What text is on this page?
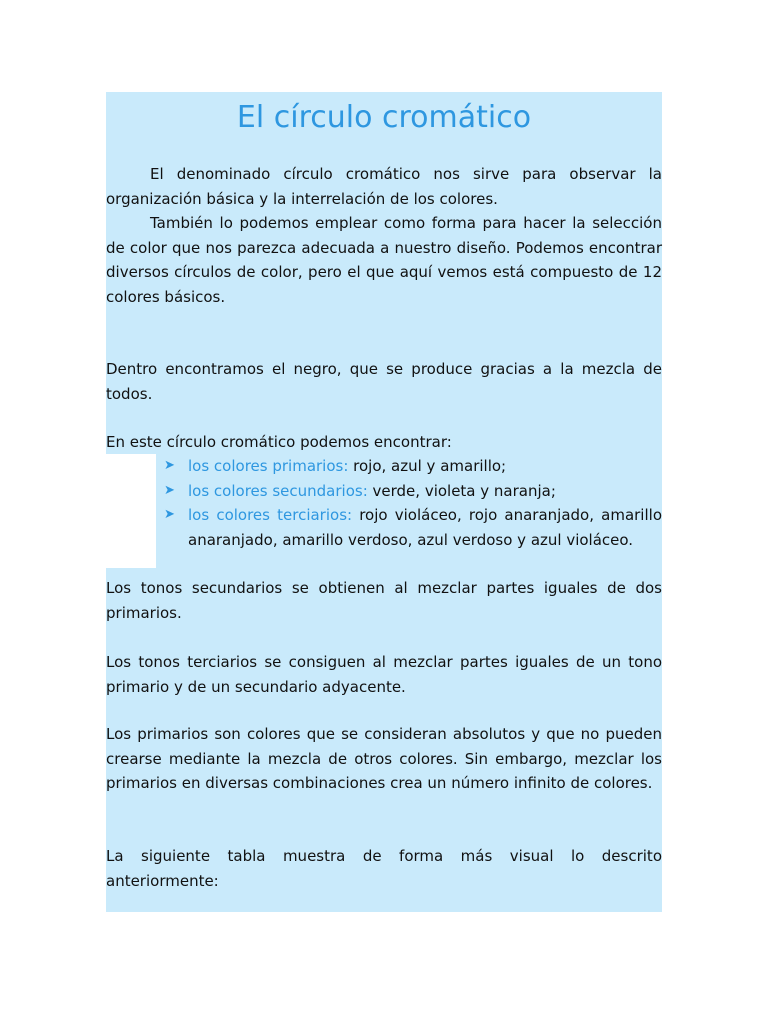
El círculo cromático

El denominado círculo cromático nos sirve para observar la organización básica y la interrelación de los colores.

También lo podemos emplear como forma para hacer la selección de color que nos parezca adecuada a nuestro diseño. Podemos encontrar diversos círculos de color, pero el que aquí vemos está compuesto de 12 colores básicos.

Dentro encontramos el negro, que se produce gracias a la mezcla de todos.

En este círculo cromático podemos encontrar:

➤ los colores primarios: rojo, azul y amarillo;
➤ los colores secundarios: verde, violeta y naranja;
➤ los colores terciarios: rojo violáceo, rojo anaranjado, amarillo anaranjado, amarillo verdoso, azul verdoso y azul violáceo.

Los tonos secundarios se obtienen al mezclar partes iguales de dos primarios.

Los tonos terciarios se consiguen al mezclar partes iguales de un tono primario y de un secundario adyacente.

Los primarios son colores que se consideran absolutos y que no pueden crearse mediante la mezcla de otros colores. Sin embargo, mezclar los primarios en diversas combinaciones crea un número infinito de colores.

La siguiente tabla muestra de forma más visual lo descrito anteriormente:
